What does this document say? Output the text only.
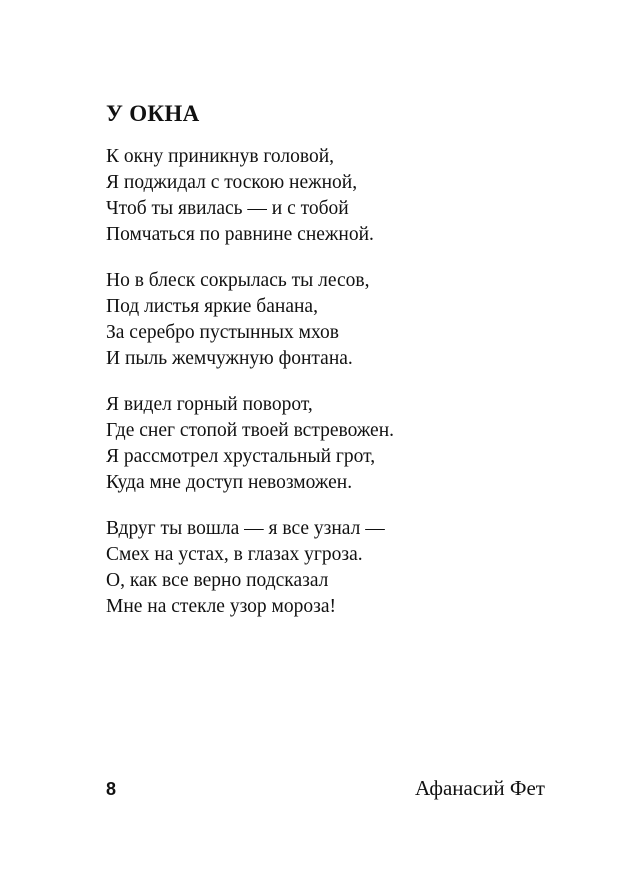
У ОКНА
К окну приникнув головой,
Я поджидал с тоскою нежной,
Чтоб ты явилась — и с тобой
Помчаться по равнине снежной.
Но в блеск сокрылась ты лесов,
Под листья яркие банана,
За серебро пустынных мхов
И пыль жемчужную фонтана.
Я видел горный поворот,
Где снег стопой твоей встревожен.
Я рассмотрел хрустальный грот,
Куда мне доступ невозможен.
Вдруг ты вошла — я все узнал —
Смех на устах, в глазах угроза.
О, как все верно подсказал
Мне на стекле узор мороза!
8	Афанасий Фет
